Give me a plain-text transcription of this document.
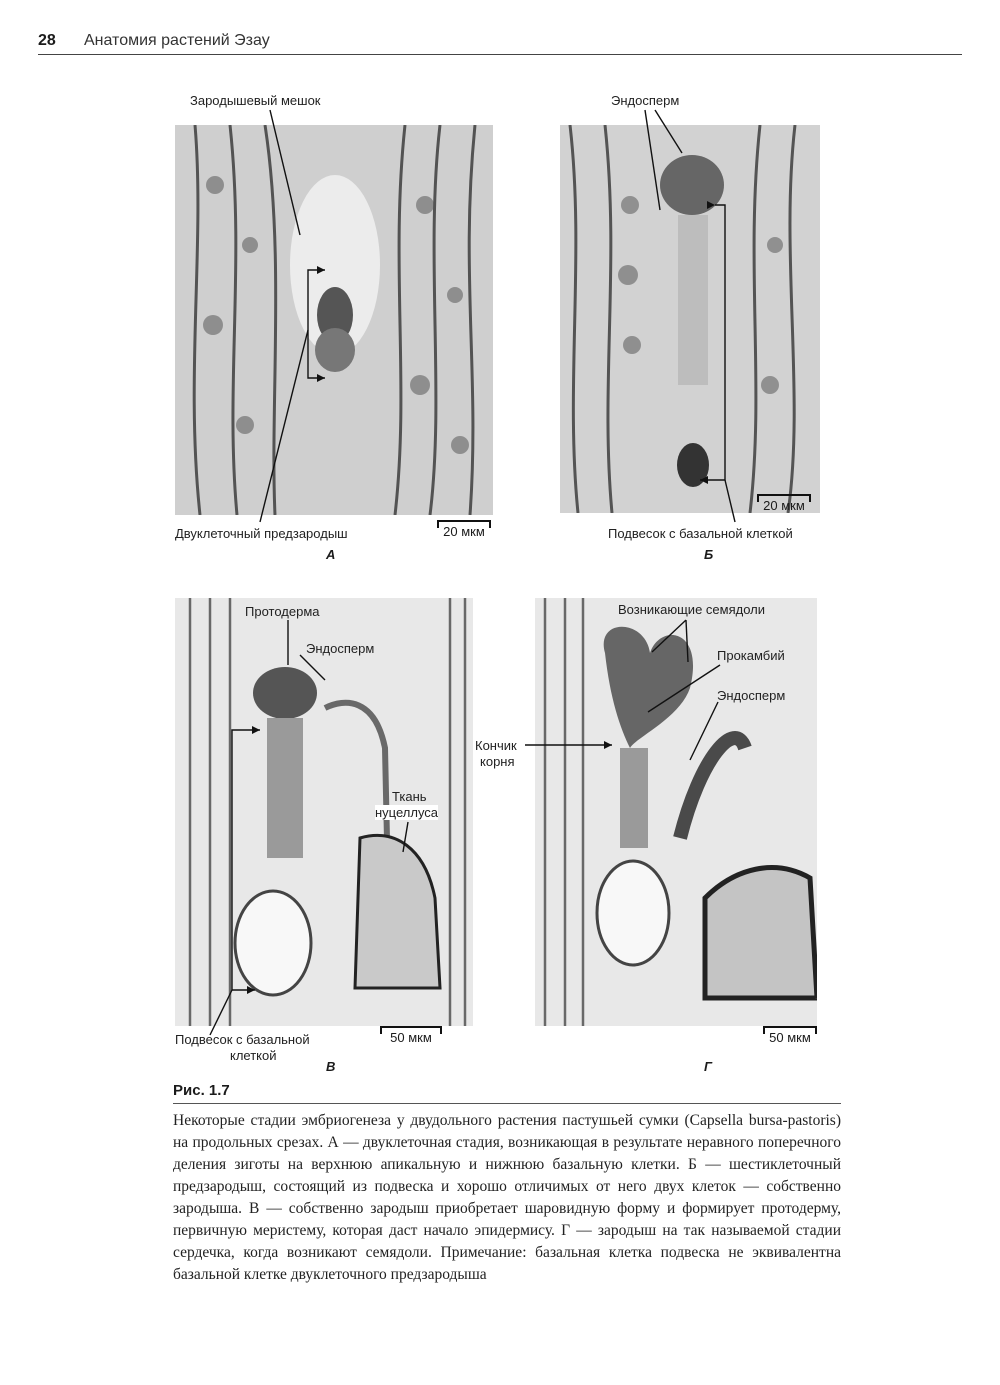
28 Анатомия растений Эзау
Зародышевый мешок
Двуклеточный предзародыш	20 мкм
А
Эндосперм
20 мкм
Подвесок с базальной клеткой
Б
Протодерма
Эндосперм
Ткань
нуцеллуса
Подвесок с базальной
клеткой
50 мкм
В
Возникающие семядоли
Прокамбий
Эндосперм
Кончик
корня
50 мкм
Г
Рис. 1.7

Некоторые стадии эмбриогенеза у двудольного растения пастушьей сумки (Capsella bursa-pastoris) на продольных срезах. А — двуклеточная стадия, возникающая в результате неравного поперечного деления зиготы на верхнюю апикальную и нижнюю базальную клетки. Б — шестиклеточный предзародыш, состоящий из подвеска и хорошо отличимых от него двух клеток — собственно зародыша. В — собственно зародыш приобретает шаровидную форму и формирует протодерму, первичную меристему, которая даст начало эпидермису. Г — зародыш на так называемой стадии сердечка, когда возникают семядоли. Примечание: базальная клетка подвеска не эквивалентна базальной клетке двуклеточного предзародыша
